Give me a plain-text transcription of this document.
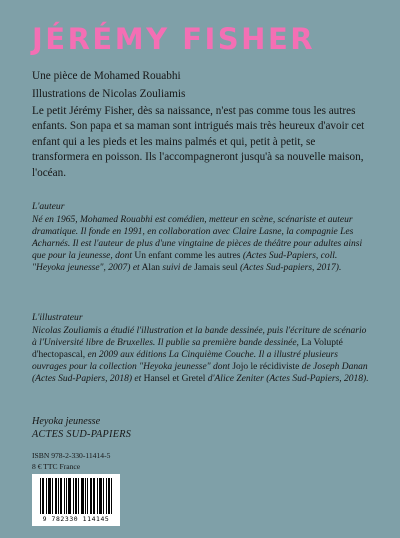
JÉRÉMY FISHER
Une pièce de Mohamed Rouabhi
Illustrations de Nicolas Zouliamis

Le petit Jérémy Fisher, dès sa naissance, n'est pas comme tous les autres enfants. Son papa et sa maman sont intrigués mais très heureux d'avoir cet enfant qui a les pieds et les mains palmés et qui, petit à petit, se transformera en poisson. Ils l'accompagneront jusqu'à sa nouvelle maison, l'océan.

L'auteur

Né en 1965, Mohamed Rouabhi est comédien, metteur en scène, scénariste et auteur dramatique. Il fonde en 1991, en collaboration avec Claire Lasne, la compagnie Les Acharnés. Il est l'auteur de plus d'une vingtaine de pièces de théâtre pour adultes ainsi que pour la jeunesse, dont Un enfant comme les autres (Actes Sud-Papiers, coll. "Heyoka jeunesse", 2007) et Alan suivi de Jamais seul (Actes Sud-papiers, 2017).

L'illustrateur

Nicolas Zouliamis a étudié l'illustration et la bande dessinée, puis l'écriture de scénario à l'Université libre de Bruxelles. Il publie sa première bande dessinée, La Volupté d'hectopascal, en 2009 aux éditions La Cinquième Couche. Il a illustré plusieurs ouvrages pour la collection "Heyoka jeunesse" dont Jojo le récidiviste de Joseph Danan (Actes Sud-Papiers, 2018) et Hansel et Gretel d'Alice Zeniter (Actes Sud-Papiers, 2018).

Heyoka jeunesse
ACTES SUD-PAPIERS
ISBN 978-2-330-11414-5
8 € TTC France
9 782330 114145
